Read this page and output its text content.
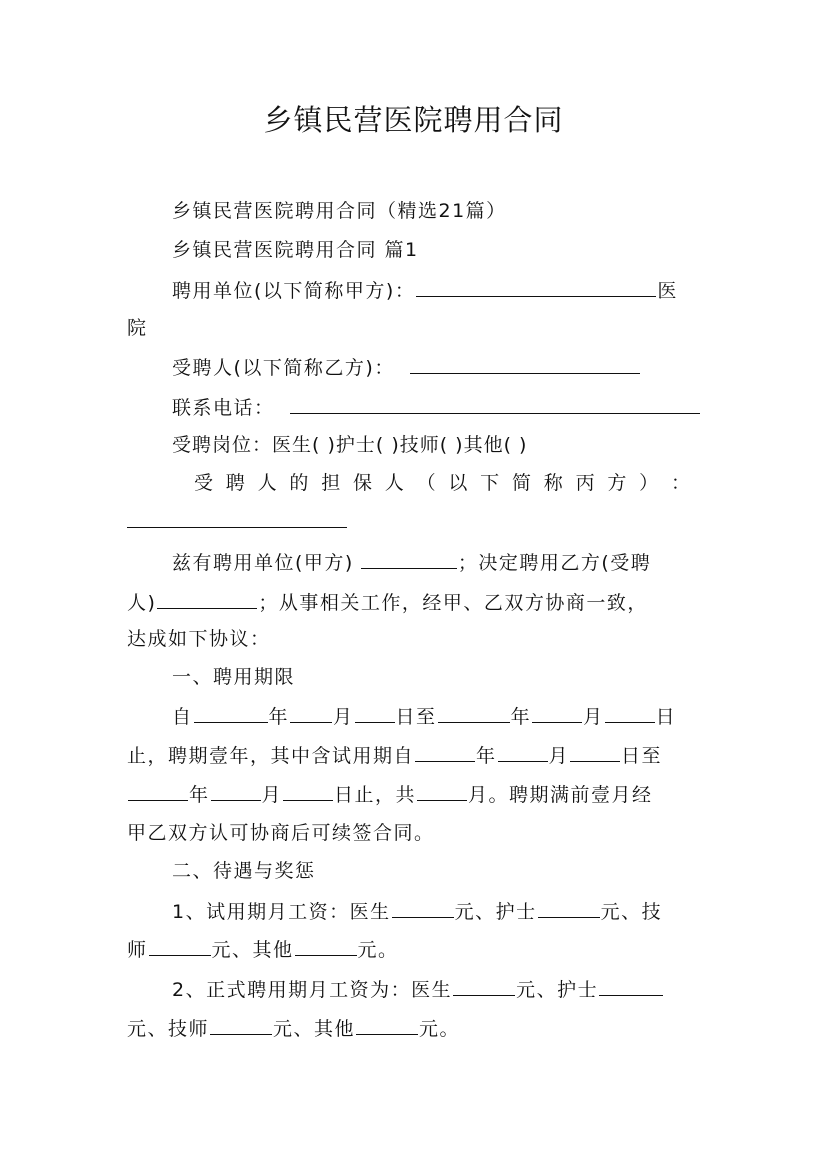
乡镇民营医院聘用合同
乡镇民营医院聘用合同（精选21篇）
乡镇民营医院聘用合同 篇1
聘用单位(以下简称甲方)：	医
院
受聘人(以下简称乙方)：
联系电话：
受聘岗位：医生( )护士( )技师( )其他( )
受 聘 人 的 担 保 人 （ 以 下 简 称 丙 方 ） ：
兹有聘用单位(甲方)	；决定聘用乙方(受聘
人)	；从事相关工作，经甲、乙双方协商一致，
达成如下协议：
一、聘用期限
自	年 月 日至	年	月	日
止，聘期壹年，其中含试用期自	年	月	日至
年	月	日止，共	月。聘期满前壹月经
甲乙双方认可协商后可续签合同。
二、待遇与奖惩
1、试用期月工资：医生	元、护士	元、技
师	元、其他	元。
2、正式聘用期月工资为：医生	元、护士
元、技师	元、其他	元。
